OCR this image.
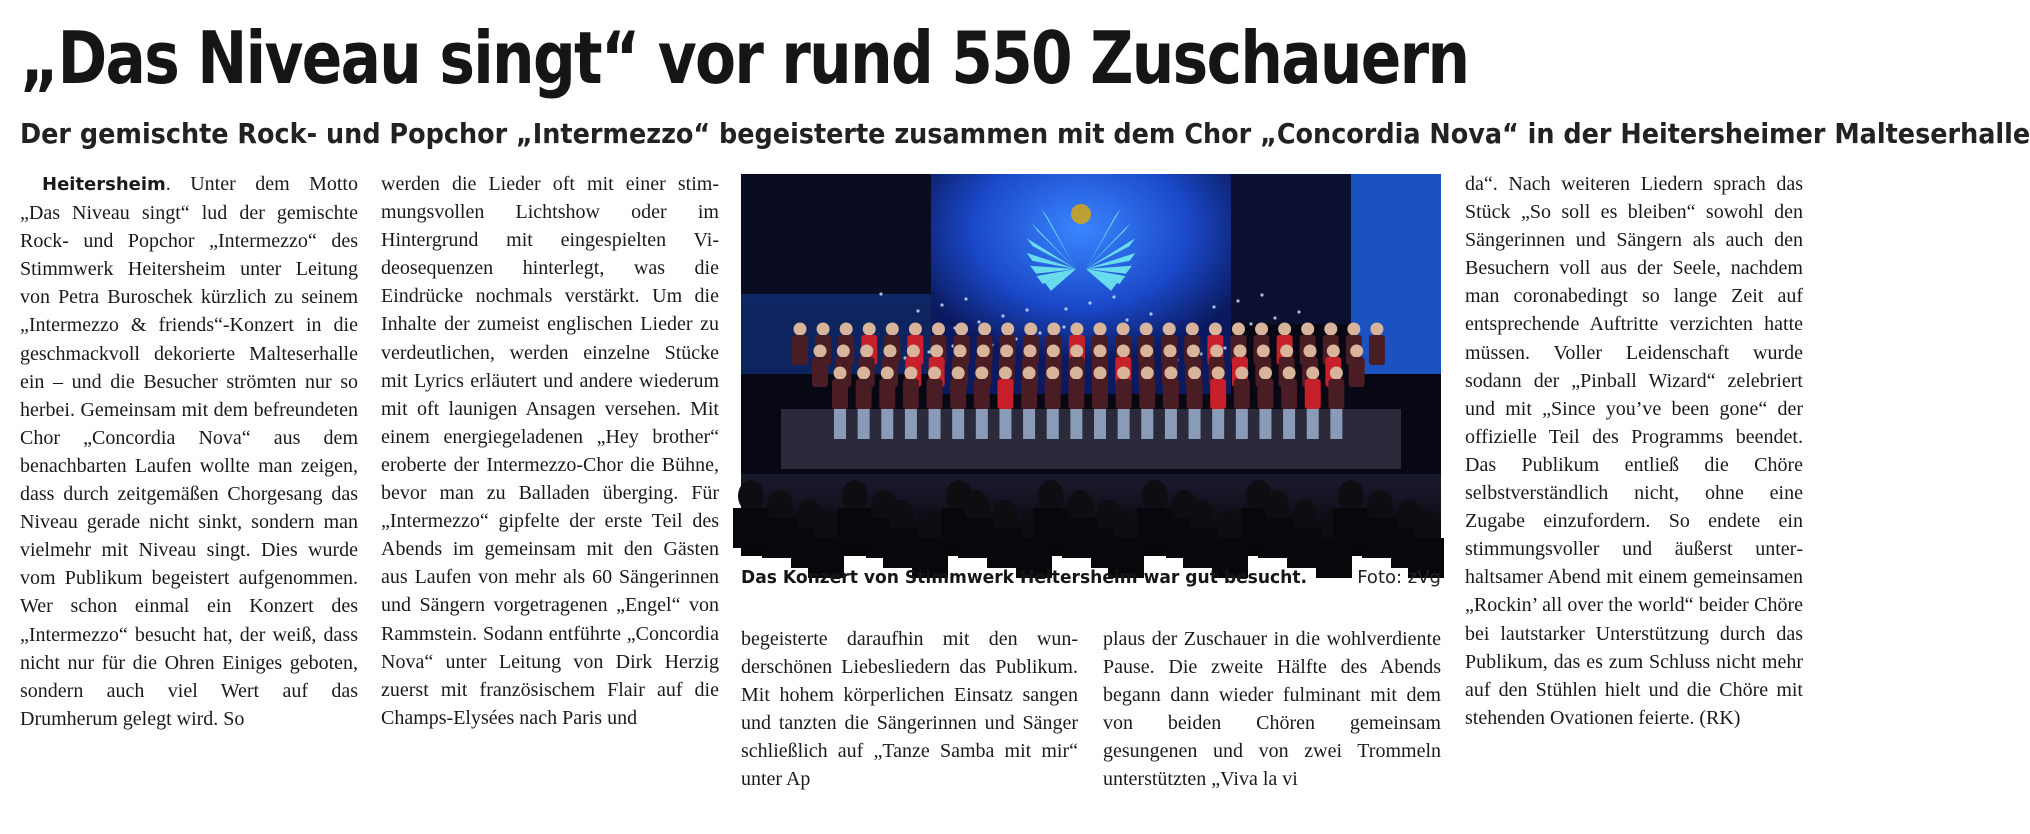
„Das Niveau singt“ vor rund 550 Zuschauern
Der gemischte Rock- und Popchor „Intermezzo“ begeisterte zusammen mit dem Chor „Concordia Nova“ in der Heitersheimer Malteserhalle

Heitersheim. Unter dem Motto „Das Niveau singt“ lud der gemischte Rock- und Popchor „Intermezzo“ des Stimmwerk Heitersheim unter Leitung von Petra Buroschek kürzlich zu seinem „Intermezzo & friends“-Konzert in die geschmackvoll dekorierte Malteserhalle ein – und die Besucher strömten nur so herbei. Gemeinsam mit dem befreundeten Chor „Concordia Nova“ aus dem benachbarten Laufen wollte man zeigen, dass durch zeitgemäßen Chorgesang das Niveau gerade nicht sinkt, sondern man vielmehr mit Niveau singt. Dies wurde vom Publikum begeistert aufgenommen. Wer schon einmal ein Konzert des „Intermezzo“ besucht hat, der weiß, dass nicht nur für die Ohren Einiges geboten, sondern auch viel Wert auf das Drumherum gelegt wird. So

werden die Lieder oft mit einer stimmungsvollen Lichtshow oder im Hintergrund mit eingespielten Videosequenzen hinterlegt, was die Eindrücke nochmals verstärkt. Um die Inhalte der zumeist englischen Lieder zu verdeutlichen, werden einzelne Stücke mit Lyrics erläutert und andere wiederum mit oft launigen Ansagen versehen. Mit einem energiegeladenen „Hey brother“ eroberte der Intermezzo-Chor die Bühne, bevor man zu Balladen überging. Für „Intermezzo“ gipfelte der erste Teil des Abends im gemeinsam mit den Gästen aus Laufen von mehr als 60 Sängerinnen und Sängern vorgetragenen „Engel“ von Rammstein. Sodann entführte „Concordia Nova“ unter Leitung von Dirk Herzig zuerst mit französischem Flair auf die Champs-Elysées nach Paris und

Das Konzert von Stimmwerk Heitersheim war gut besucht.	Foto: zVg

begeisterte daraufhin mit den wunderschönen Liebesliedern das Publikum. Mit hohem körperlichen Einsatz sangen und tanzten die Sängerinnen und Sänger schließlich auf „Tanze Samba mit mir“ unter Ap

plaus der Zuschauer in die wohlverdiente Pause. Die zweite Hälfte des Abends begann dann wieder fulminant mit dem von beiden Chören gemeinsam gesungenen und von zwei Trommeln unterstützten „Viva la vi

da“. Nach weiteren Liedern sprach das Stück „So soll es bleiben“ sowohl den Sängerinnen und Sängern als auch den Besuchern voll aus der Seele, nachdem man coronabedingt so lange Zeit auf entsprechende Auftritte verzichten hatte müssen. Voller Leidenschaft wurde sodann der „Pinball Wizard“ zelebriert und mit „Since you’ve been gone“ der offizielle Teil des Programms beendet. Das Publikum entließ die Chöre selbstverständlich nicht, ohne eine Zugabe einzufordern. So endete ein stimmungsvoller und äußerst unterhaltsamer Abend mit einem gemeinsamen „Rockin’ all over the world“ beider Chöre bei lautstarker Unterstützung durch das Publikum, das es zum Schluss nicht mehr auf den Stühlen hielt und die Chöre mit stehenden Ovationen feierte. (RK)
